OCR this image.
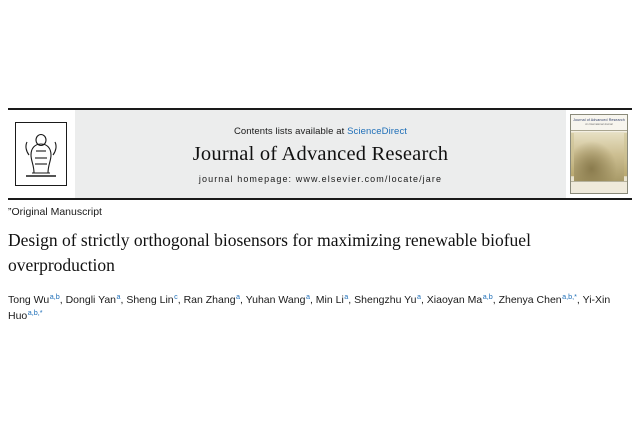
Contents lists available at ScienceDirect
Journal of Advanced Research
journal homepage: www.elsevier.com/locate/jare
Journal of Advanced Research
An International Journal
”Original Manuscript
Design of strictly orthogonal biosensors for maximizing renewable biofuel overproduction
Tong Wu$^{a,b}$, Dongli Yan$^a$, Sheng Lin$^c$, Ran Zhang$^a$, Yuhan Wang$^a$, Min Li$^a$, Shengzhu Yu$^a$, Xiaoyan Ma$^{a,b}$, Zhenya Chen$^{a,b,*}$, Yi-Xin Huo$^{a,b,*}$
